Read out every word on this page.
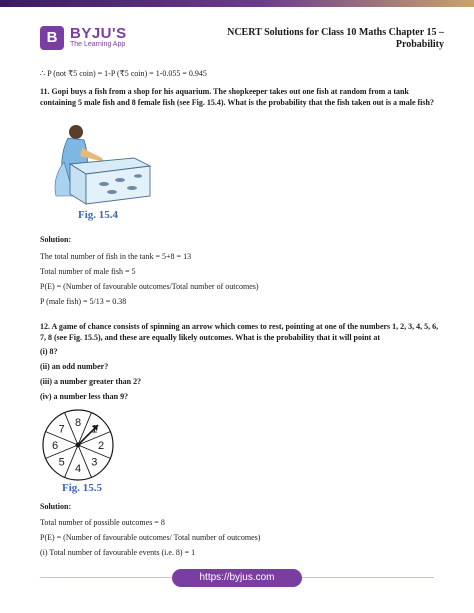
B BYJU'S
The Learning App
NCERT Solutions for Class 10 Maths Chapter 15 –
Probability

∴ P (not ₹5 coin) = 1-P (₹5 coin) = 1-0.055 = 0.945

11. Gopi buys a fish from a shop for his aquarium. The shopkeeper takes out one fish at random from a tank containing 5 male fish and 8 female fish (see Fig. 15.4). What is the probability that the fish taken out is a male fish?

Fig. 15.4

Solution:

The total number of fish in the tank = 5+8 = 13

Total number of male fish = 5

P(E) = (Number of favourable outcomes/Total number of outcomes)

P (male fish) = 5/13 = 0.38

12. A game of chance consists of spinning an arrow which comes to rest, pointing at one of the numbers 1, 2, 3, 4, 5, 6, 7, 8 (see Fig. 15.5), and these are equally likely outcomes. What is the probability that it will point at

(i) 8?

(ii) an odd number?

(iii) a number greater than 2?

(iv) a number less than 9?

8
2
3
4
5
6
7
Fig. 15.5

Solution:

Total number of possible outcomes = 8

P(E) = (Number of favourable outcomes/ Total number of outcomes)

(i) Total number of favourable events (i.e. 8) = 1

https://byjus.com
